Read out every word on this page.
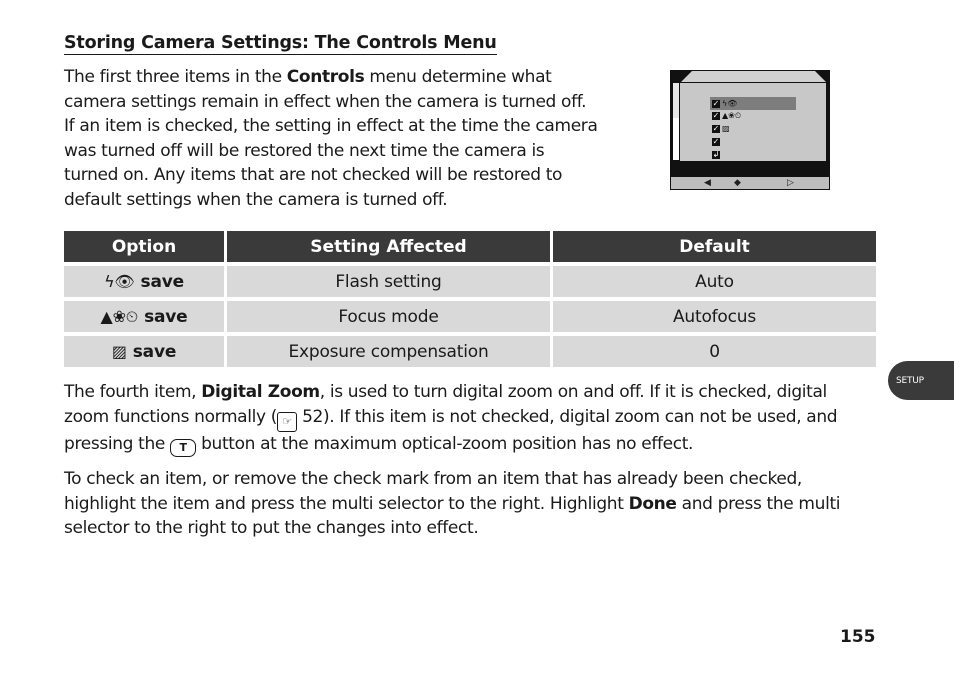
Storing Camera Settings: The Controls Menu
The first three items in the Controls menu determine what camera settings remain in effect when the camera is turned off. If an item is checked, the setting in effect at the time the camera was turned off will be restored the next time the camera is turned on. Any items that are not checked will be restored to default settings when the camera is turned off.
✓ ϟ👁
✓ ▲❀⏲
✓ ▨
✓
↲
◀	◆	▷
Option	Setting Affected	Default
ϟ👁 save	Flash setting	Auto
▲❀⏲ save	Focus mode	Autofocus
▨ save	Exposure compensation	0
The fourth item, Digital Zoom, is used to turn digital zoom on and off. If it is checked, digital zoom functions normally ( ☞ 52). If this item is not checked, digital zoom can not be used, and pressing the T button at the maximum optical-zoom position has no effect.
To check an item, or remove the check mark from an item that has already been checked, highlight the item and press the multi selector to the right. Highlight Done and press the multi selector to the right to put the changes into effect.
SETUP
155
